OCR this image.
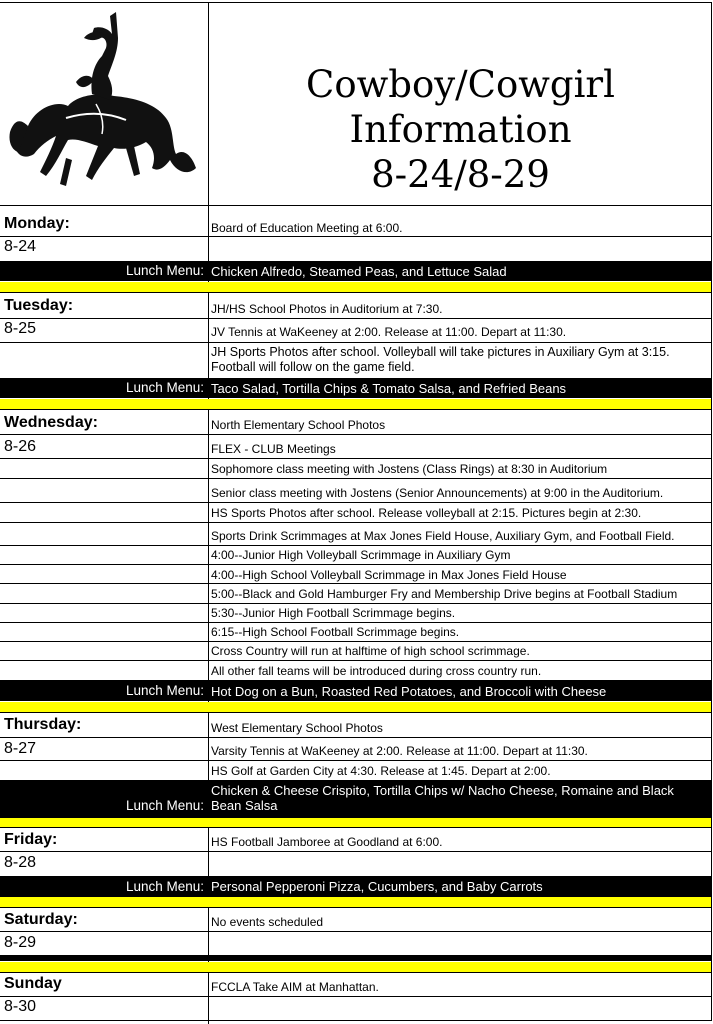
Cowboy/Cowgirl
Information
8-24/8-29
Monday:
8-24
Board of Education Meeting at 6:00.
Lunch Menu: Chicken Alfredo, Steamed Peas, and Lettuce Salad
Tuesday:
8-25
JH/HS School Photos in Auditorium at 7:30.
JV Tennis at WaKeeney at 2:00. Release at 11:00. Depart at 11:30.
JH Sports Photos after school. Volleyball will take pictures in Auxiliary Gym at 3:15. Football will follow on the game field.
Lunch Menu: Taco Salad, Tortilla Chips & Tomato Salsa, and Refried Beans
Wednesday:
8-26
North Elementary School Photos
FLEX - CLUB Meetings
Sophomore class meeting with Jostens (Class Rings) at 8:30 in Auditorium
Senior class meeting with Jostens (Senior Announcements) at 9:00 in the Auditorium.
HS Sports Photos after school. Release volleyball at 2:15. Pictures begin at 2:30.
Sports Drink Scrimmages at Max Jones Field House, Auxiliary Gym, and Football Field.
4:00--Junior High Volleyball Scrimmage in Auxiliary Gym
4:00--High School Volleyball Scrimmage in Max Jones Field House
5:00--Black and Gold Hamburger Fry and Membership Drive begins at Football Stadium
5:30--Junior High Football Scrimmage begins.
6:15--High School Football Scrimmage begins.
Cross Country will run at halftime of high school scrimmage.
All other fall teams will be introduced during cross country run.
Lunch Menu: Hot Dog on a Bun, Roasted Red Potatoes, and Broccoli with Cheese
Thursday:
8-27
West Elementary School Photos
Varsity Tennis at WaKeeney at 2:00. Release at 11:00. Depart at 11:30.
HS Golf at Garden City at 4:30. Release at 1:45. Depart at 2:00.
Lunch Menu:
Chicken & Cheese Crispito, Tortilla Chips w/ Nacho Cheese, Romaine and Black Bean Salsa
Friday:
8-28
HS Football Jamboree at Goodland at 6:00.
Lunch Menu: Personal Pepperoni Pizza, Cucumbers, and Baby Carrots
Saturday:
8-29
No events scheduled
Sunday
8-30
FCCLA Take AIM at Manhattan.
